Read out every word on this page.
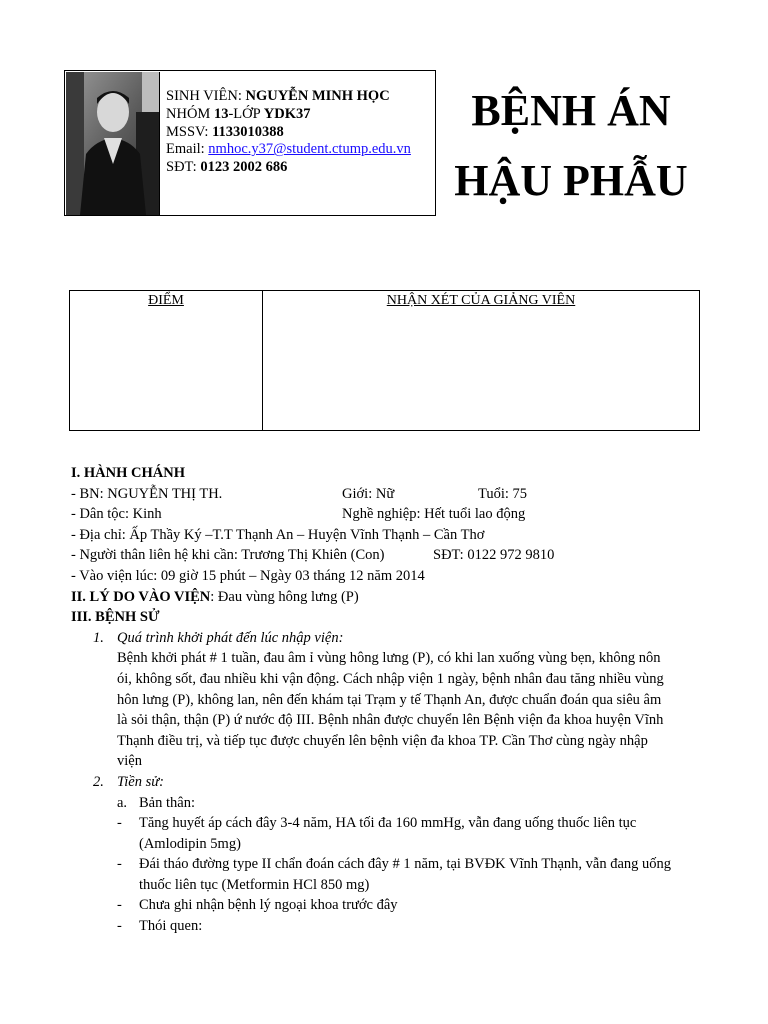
SINH VIÊN: NGUYỄN MINH HỌC
NHÓM 13-LỚP YDK37
MSSV: 1133010388
Email: nmhoc.y37@student.ctump.edu.vn
SĐT: 0123 2002 686
BỆNH ÁN
HẬU PHẪU
ĐIỂM	NHẬN XÉT CỦA GIẢNG VIÊN
I. HÀNH CHÁNH
- BN: NGUYỄN THỊ TH.	Giới: Nữ	Tuổi: 75
- Dân tộc: Kinh	Nghề nghiệp: Hết tuổi lao động
- Địa chỉ: Ấp Thầy Ký –T.T Thạnh An – Huyện Vĩnh Thạnh – Cần Thơ
- Người thân liên hệ khi cần: Trương Thị Khiên (Con)	SĐT: 0122 972 9810
- Vào viện lúc: 09 giờ 15 phút – Ngày 03 tháng 12 năm 2014
II. LÝ DO VÀO VIỆN: Đau vùng hông lưng (P)
III. BỆNH SỬ
1. Quá trình khởi phát đến lúc nhập viện:
Bệnh khởi phát # 1 tuần, đau âm ỉ vùng hông lưng (P), có khi lan xuống vùng bẹn, không nôn
ói, không sốt, đau nhiều khi vận động. Cách nhập viện 1 ngày, bệnh nhân đau tăng nhiều vùng
hôn lưng (P), không lan, nên đến khám tại Trạm y tế Thạnh An, được chuẩn đoán qua siêu âm
là sỏi thận, thận (P) ứ nước độ III. Bệnh nhân được chuyển lên Bệnh viện đa khoa huyện Vĩnh
Thạnh điều trị, và tiếp tục được chuyển lên bệnh viện đa khoa TP. Cần Thơ cùng ngày nhập
viện
2. Tiền sử:
a. Bản thân:
-	Tăng huyết áp cách đây 3-4 năm, HA tối đa 160 mmHg, vẫn đang uống thuốc liên tục
(Amlodipin 5mg)
-	Đái tháo đường type II chẩn đoán cách đây # 1 năm, tại BVĐK Vĩnh Thạnh, vẫn đang uống
thuốc liên tục (Metformin HCl 850 mg)
-	Chưa ghi nhận bệnh lý ngoại khoa trước đây
-	Thói quen:
